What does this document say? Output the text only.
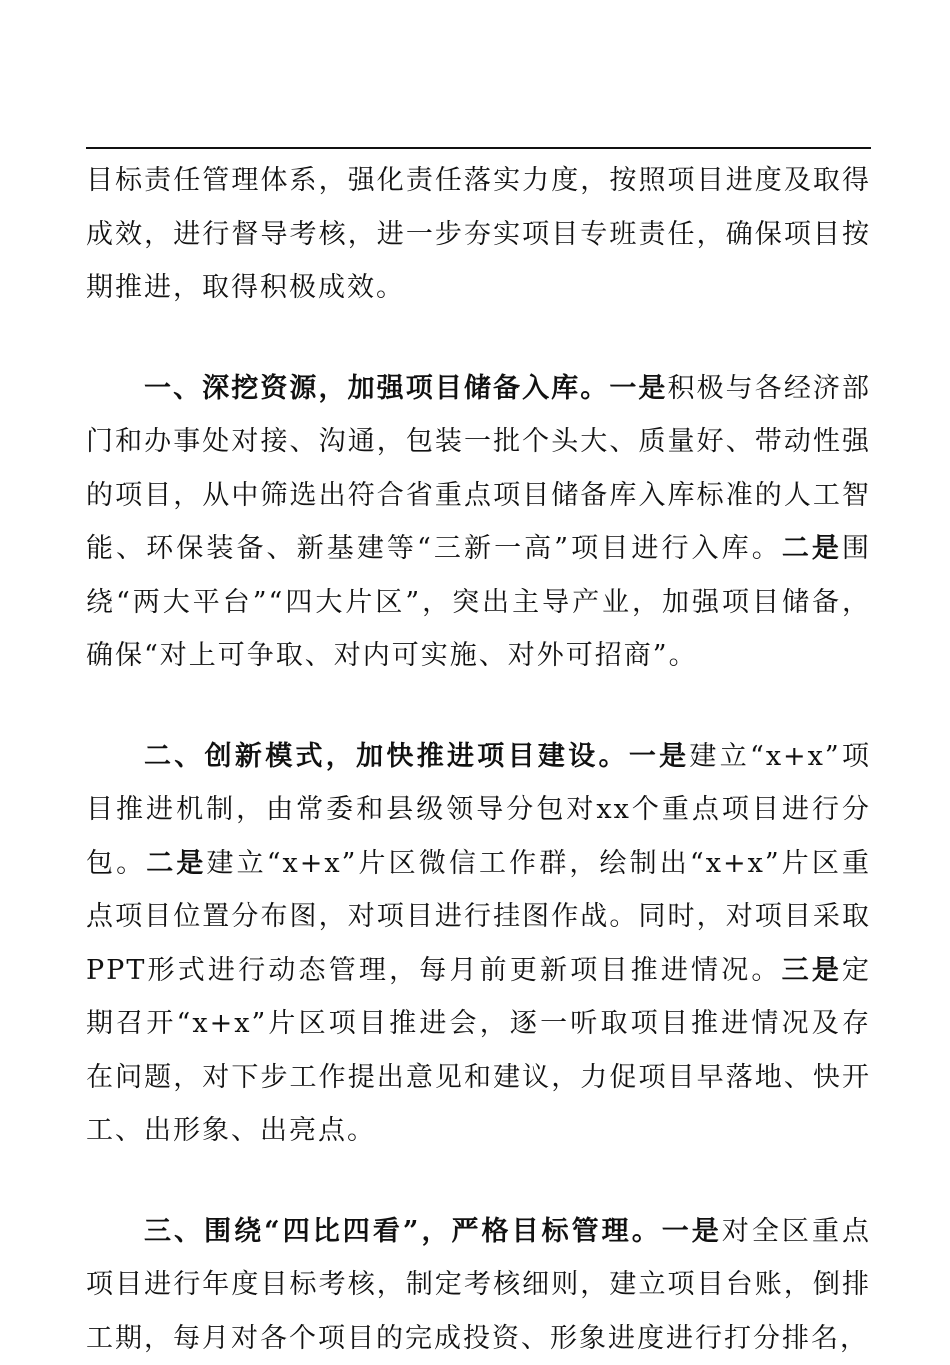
目标责任管理体系，强化责任落实力度，按照项目进度及取得成效，进行督导考核，进一步夯实项目专班责任，确保项目按期推进，取得积极成效。

一、深挖资源，加强项目储备入库。一是积极与各经济部门和办事处对接、沟通，包装一批个头大、质量好、带动性强的项目，从中筛选出符合省重点项目储备库入库标准的人工智能、环保装备、新基建等“三新一高”项目进行入库。二是围绕“两大平台”“四大片区”，突出主导产业，加强项目储备，确保“对上可争取、对内可实施、对外可招商”。

二、创新模式，加快推进项目建设。一是建立“x+x”项目推进机制，由常委和县级领导分包对xx个重点项目进行分包。二是建立“x+x”片区微信工作群，绘制出“x+x”片区重点项目位置分布图，对项目进行挂图作战。同时，对项目采取PPT形式进行动态管理，每月前更新项目推进情况。三是定期召开“x+x”片区项目推进会，逐一听取项目推进情况及存在问题，对下步工作提出意见和建议，力促项目早落地、快开工、出形象、出亮点。

三、围绕“四比四看”，严格目标管理。一是对全区重点项目进行年度目标考核，制定考核细则，建立项目台账，倒排工期，每月对各个项目的完成投资、形象进度进行打分排名，
